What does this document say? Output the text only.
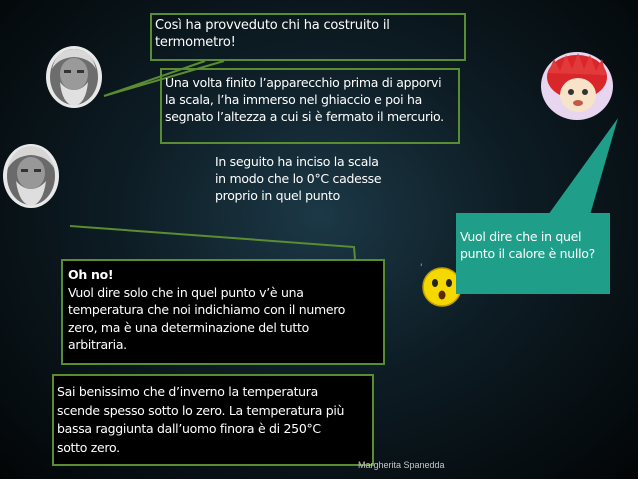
'
Così ha provveduto chi ha costruito il
termometro!
Una volta finito l’apparecchio prima di apporvi
la scala, l’ha immerso nel ghiaccio e poi ha
segnato l’altezza a cui si è fermato il mercurio.
In seguito ha inciso la scala
in modo che lo 0°C cadesse
proprio in quel punto
Vuol dire che in quel
punto il calore è nullo?
Oh no!
Vuol dire solo che in quel punto v’è una
temperatura che noi indichiamo con il numero
zero, ma è una determinazione del tutto
arbitraria.
Sai benissimo che d’inverno la temperatura
scende spesso sotto lo zero. La temperatura più
bassa raggiunta dall’uomo finora è di 250°C
sotto zero.
Margherita Spanedda
